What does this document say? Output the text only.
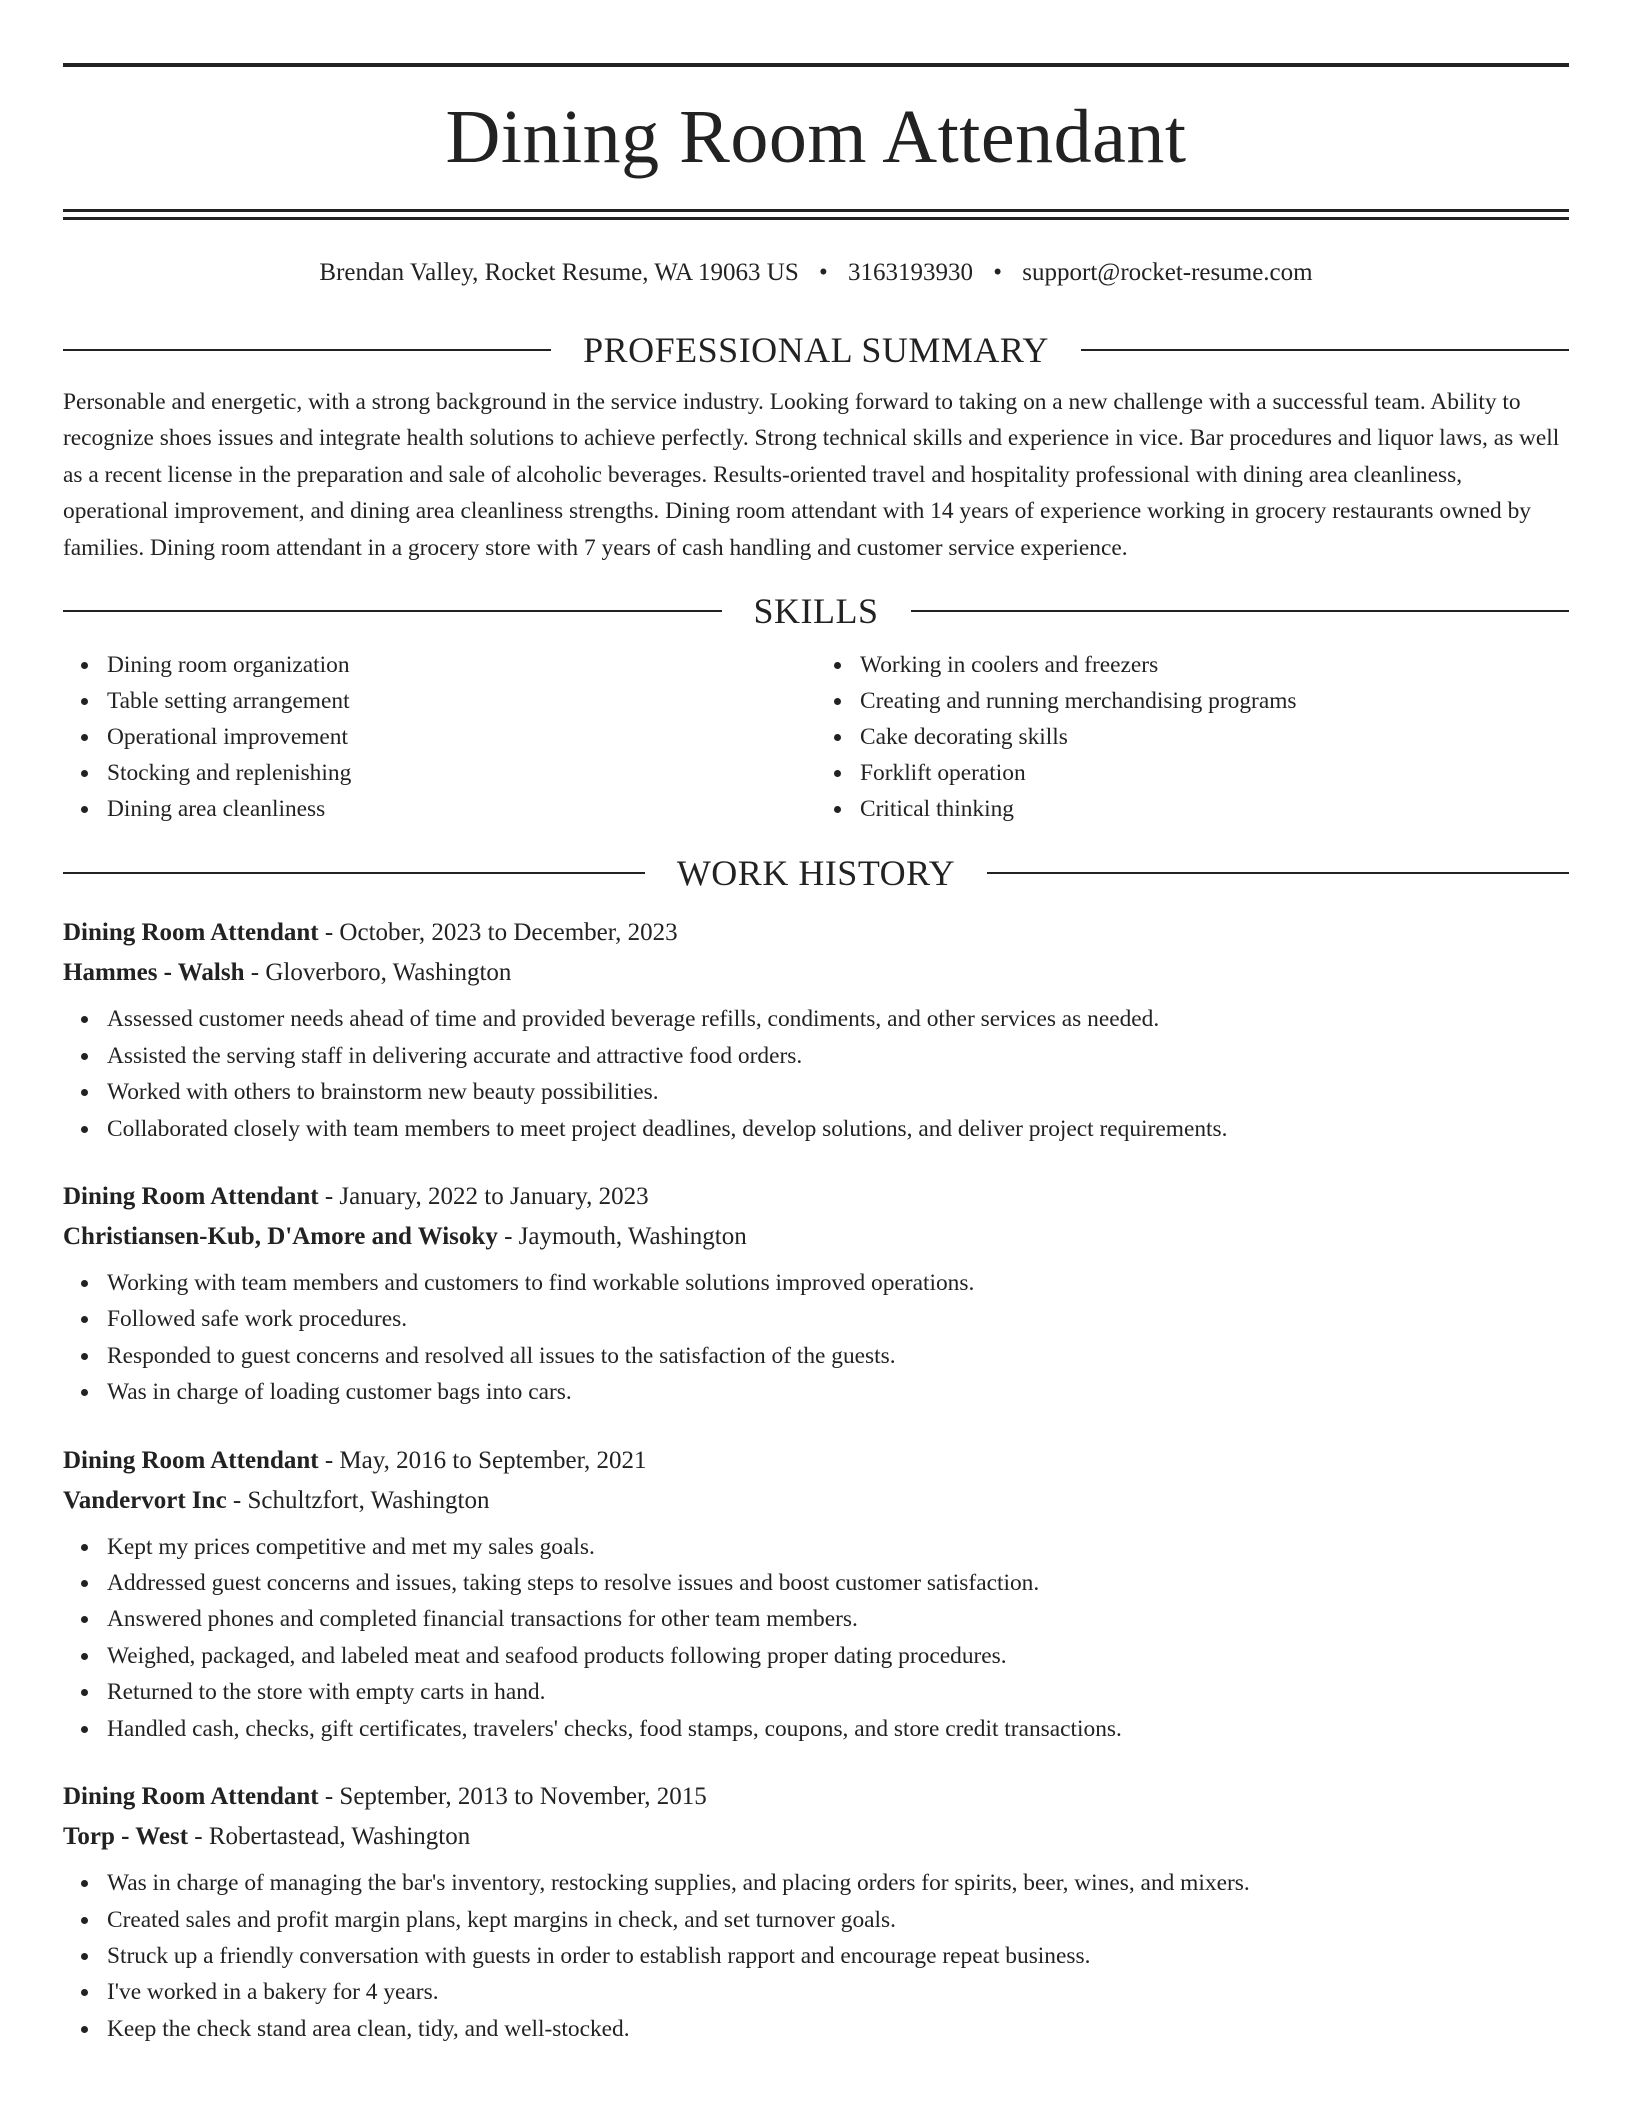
Dining Room Attendant
Brendan Valley, Rocket Resume, WA 19063 US • 3163193930 • support@rocket-resume.com
PROFESSIONAL SUMMARY

Personable and energetic, with a strong background in the service industry. Looking forward to taking on a new challenge with a successful team. Ability to recognize shoes issues and integrate health solutions to achieve perfectly. Strong technical skills and experience in vice. Bar procedures and liquor laws, as well as a recent license in the preparation and sale of alcoholic beverages. Results-oriented travel and hospitality professional with dining area cleanliness, operational improvement, and dining area cleanliness strengths. Dining room attendant with 14 years of experience working in grocery restaurants owned by families. Dining room attendant in a grocery store with 7 years of cash handling and customer service experience.

SKILLS
Dining room organization
Table setting arrangement
Operational improvement
Stocking and replenishing
Dining area cleanliness
Working in coolers and freezers
Creating and running merchandising programs
Cake decorating skills
Forklift operation
Critical thinking
WORK HISTORY
Dining Room Attendant - October, 2023 to December, 2023
Hammes - Walsh - Gloverboro, Washington
Assessed customer needs ahead of time and provided beverage refills, condiments, and other services as needed.
Assisted the serving staff in delivering accurate and attractive food orders.
Worked with others to brainstorm new beauty possibilities.
Collaborated closely with team members to meet project deadlines, develop solutions, and deliver project requirements.
Dining Room Attendant - January, 2022 to January, 2023
Christiansen-Kub, D'Amore and Wisoky - Jaymouth, Washington
Working with team members and customers to find workable solutions improved operations.
Followed safe work procedures.
Responded to guest concerns and resolved all issues to the satisfaction of the guests.
Was in charge of loading customer bags into cars.
Dining Room Attendant - May, 2016 to September, 2021
Vandervort Inc - Schultzfort, Washington
Kept my prices competitive and met my sales goals.
Addressed guest concerns and issues, taking steps to resolve issues and boost customer satisfaction.
Answered phones and completed financial transactions for other team members.
Weighed, packaged, and labeled meat and seafood products following proper dating procedures.
Returned to the store with empty carts in hand.
Handled cash, checks, gift certificates, travelers' checks, food stamps, coupons, and store credit transactions.
Dining Room Attendant - September, 2013 to November, 2015
Torp - West - Robertastead, Washington
Was in charge of managing the bar's inventory, restocking supplies, and placing orders for spirits, beer, wines, and mixers.
Created sales and profit margin plans, kept margins in check, and set turnover goals.
Struck up a friendly conversation with guests in order to establish rapport and encourage repeat business.
I've worked in a bakery for 4 years.
Keep the check stand area clean, tidy, and well-stocked.
